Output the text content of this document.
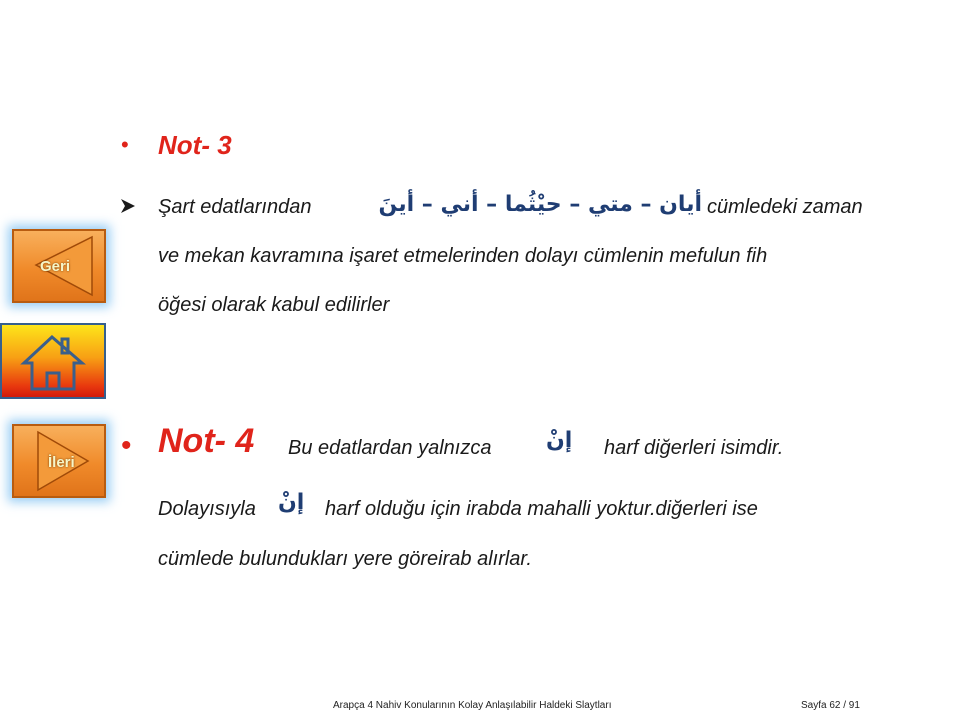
Geri
İleri
• Not- 3
Şart edatlarından	أيان – متي – حيْثُما – أني – أينَ cümledeki zaman
ve mekan kavramına işaret etmelerinden dolayı cümlenin mefulun fih
öğesi olarak kabul edilirler
• Not- 4 Bu edatlardan yalnızca إنْ harf diğerleri isimdir.
Dolayısıyla إنْ harf olduğu için irabda mahalli yoktur.diğerleri ise
cümlede bulundukları yere göreirab alırlar.
Arapça 4 Nahiv Konularının Kolay Anlaşılabilir Haldeki Slaytları	Sayfa 62 / 91
